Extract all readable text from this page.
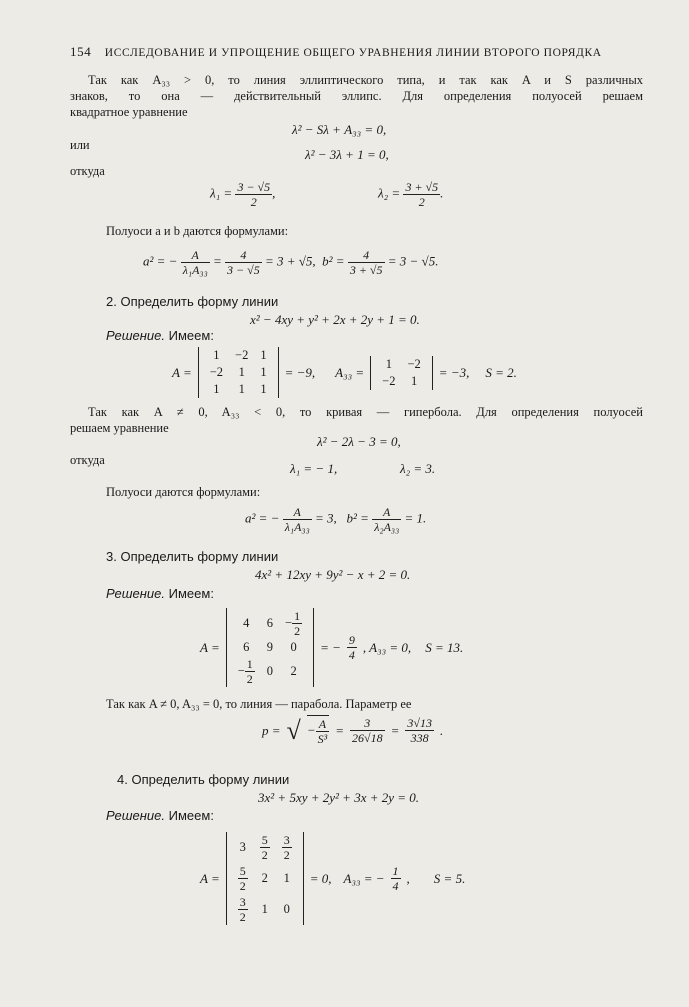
154 ИССЛЕДОВАНИЕ И УПРОЩЕНИЕ ОБЩЕГО УРАВНЕНИЯ ЛИНИИ ВТОРОГО ПОРЯДКА
Так как A₃₃ > 0, то линия эллиптического типа, и так как A и S различных
знаков, то она — действительный эллипс. Для определения полуосей решаем
квадратное уравнение
λ² − Sλ + A₃₃ = 0,
или
λ² − 3λ + 1 = 0,
откуда
$\lambda_1 = \frac{3 - √5}{2}$ ,	$\lambda_2 = \frac{3 + √5}{2}$ .
Полуоси a и b даются формулами:
a² = − $\frac{A}{\text{λ₁A₃₃}} = \frac{4}{3 - √5} = 3 + √5$, $b^2 = \frac{4}{3 + √5} = 3 - √5$.
2. Определить форму линии
x² − 4xy + y² + 2x + 2y + 1 = 0.
Решение. Имеем:
A =
1	−2	1
−2	1	1
1	1	1
= −9, A₃₃ =
1	−2
−2	1
= −3, S = 2.
Так как A ≠ 0, A₃₃ < 0, то кривая — гипербола. Для определения полуосей
решаем уравнение
λ² − 2λ − 3 = 0,
откуда
λ₁ = − 1,	λ₂ = 3.
Полуоси даются формулами:
a² = − $\frac{A}{\text{λ₁A₃₃}} = 3$, $b^2 = \frac{A}{\text{λ₂A₃₃}} = 1$.
3. Определить форму линии
4x² + 12xy + 9y² − x + 2 = 0.
Решение. Имеем:
A =
4	6	− $\frac{1}{2}$

6	9	0
− $\frac{1}{2}$	0	2
= − $\frac{9}{4}$ , A₃₃ = 0, S = 13.
Так как A ≠ 0, A₃₃ = 0, то линия — парабола. Параметр ее
p = √ − $\frac{A}{\text{S³}} = \frac{3}{26√18} = \frac{3√13}{338}$ .
4. Определить форму линии
3x² + 5xy + 2y² + 3x + 2y = 0.
Решение. Имеем:
A =
3	$\frac{5}{2}$	$\frac{3}{2}$

$\frac{5}{2}$	2	1

$\frac{3}{2}$	1	0
= 0, A₃₃ = − $\frac{1}{4}$ , S = 5.
